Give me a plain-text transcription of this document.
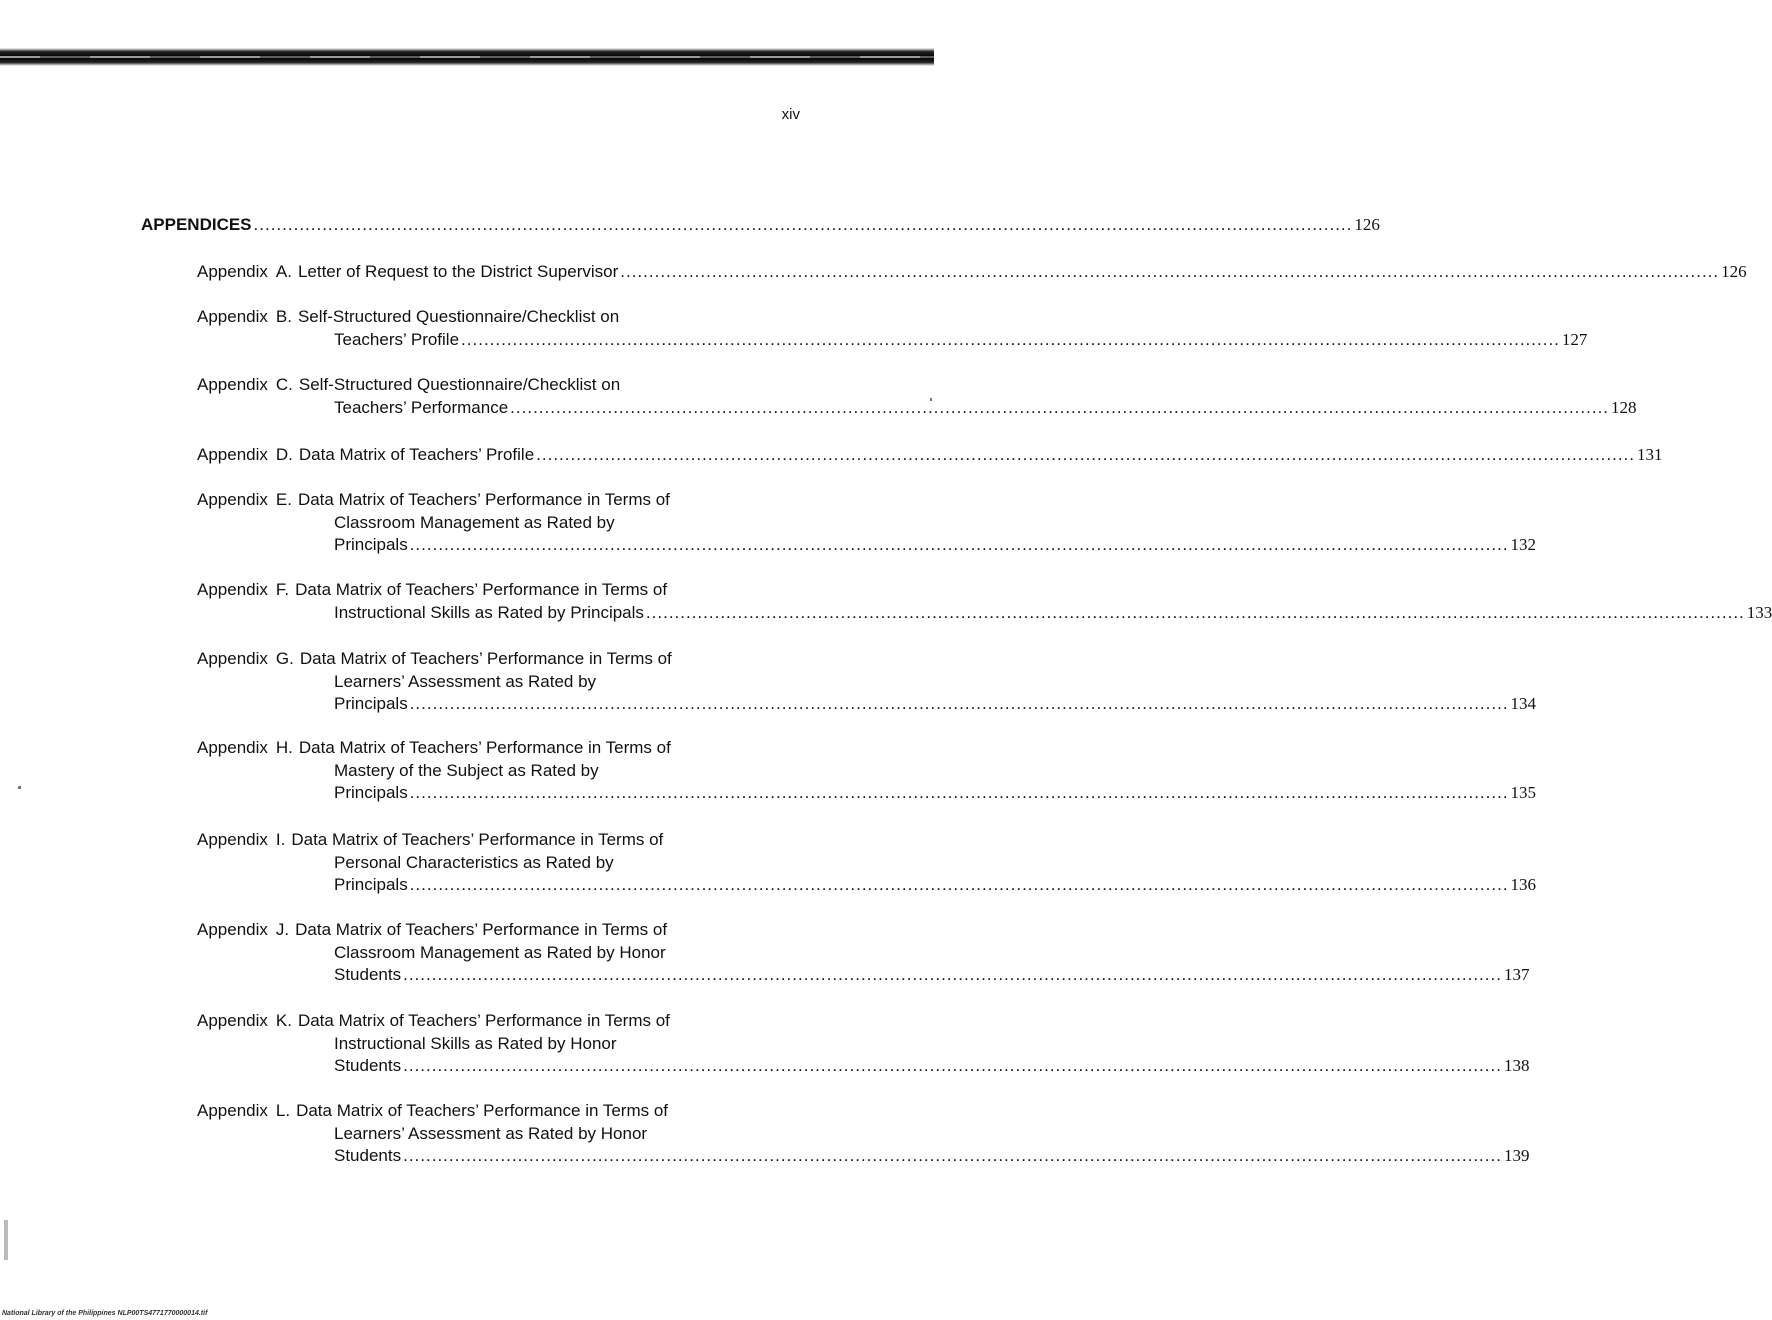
xiv
APPENDICES .....	126
Appendix A. Letter of Request to the District Supervisor .....	126
Appendix B. Self-Structured Questionnaire/Checklist on
Teachers’ Profile .....	127
Appendix C. Self-Structured Questionnaire/Checklist on
Teachers’ Performance .....	128
Appendix D. Data Matrix of Teachers’ Profile .....	131
Appendix E. Data Matrix of Teachers’ Performance in Terms of
Classroom Management as Rated by
Principals .....	132
Appendix F. Data Matrix of Teachers’ Performance in Terms of
Instructional Skills as Rated by Principals .....	133
Appendix G. Data Matrix of Teachers’ Performance in Terms of
Learners’ Assessment as Rated by
Principals .....	134
Appendix H. Data Matrix of Teachers’ Performance in Terms of
Mastery of the Subject as Rated by
Principals .....	135
Appendix I. Data Matrix of Teachers’ Performance in Terms of
Personal Characteristics as Rated by
Principals .....	136
Appendix J. Data Matrix of Teachers’ Performance in Terms of
Classroom Management as Rated by Honor
Students .....	137
Appendix K. Data Matrix of Teachers’ Performance in Terms of
Instructional Skills as Rated by Honor
Students .....	138
Appendix L. Data Matrix of Teachers’ Performance in Terms of
Learners’ Assessment as Rated by Honor
Students .....	139
National Library of the Philippines NLP00TS4771770000014.tif
